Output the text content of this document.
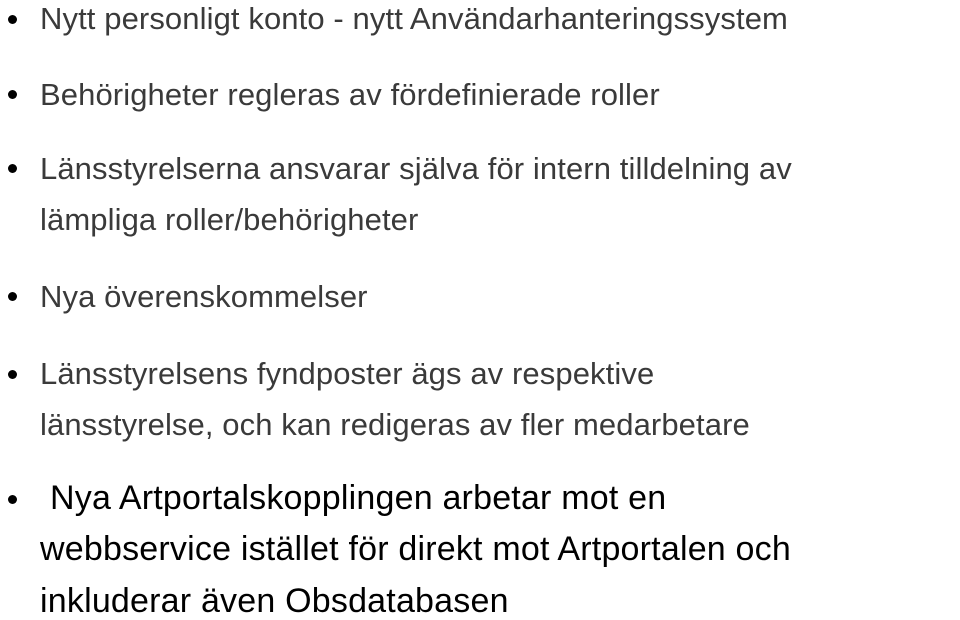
Nytt personligt konto - nytt Användarhanteringssystem
Behörigheter regleras av fördefinierade roller
Länsstyrelserna ansvarar själva för intern tilldelning av
lämpliga roller/behörigheter
Nya överenskommelser
Länsstyrelsens fyndposter ägs av respektive
länsstyrelse, och kan redigeras av fler medarbetare
Nya Artportalskopplingen arbetar mot en
webbservice istället för direkt mot Artportalen och
inkluderar även Obsdatabasen
